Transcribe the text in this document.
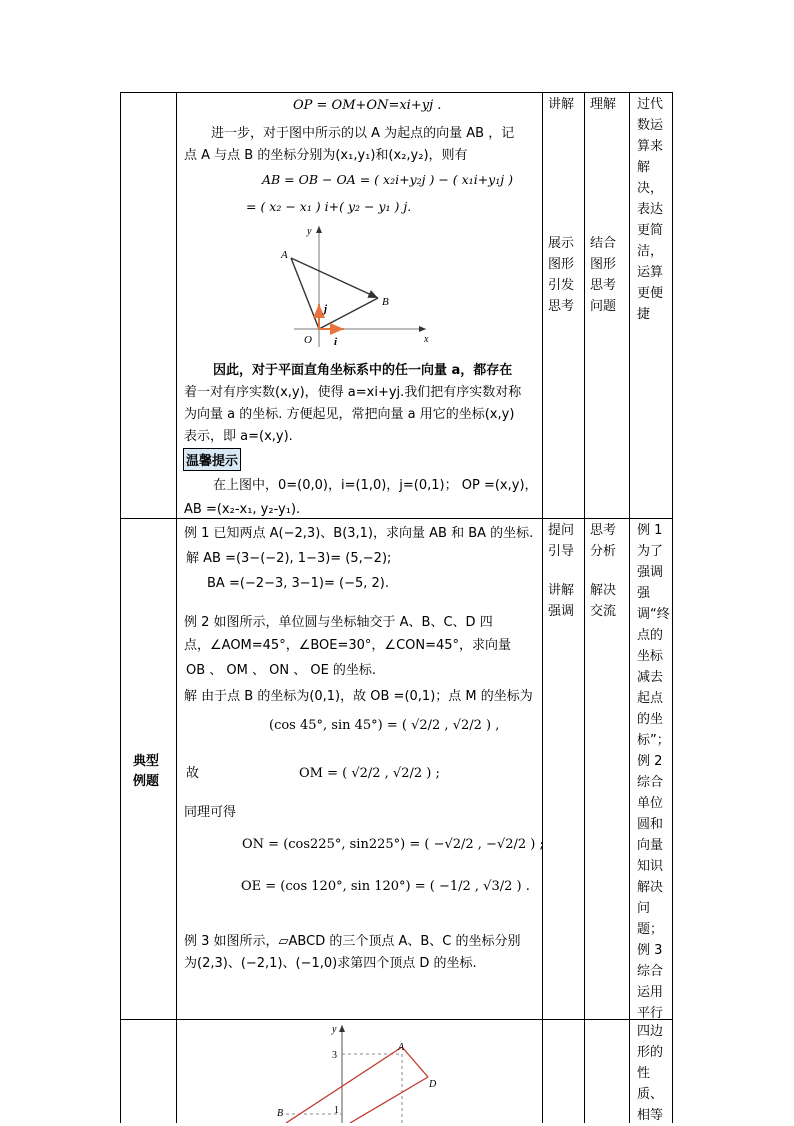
OP = OM+ON=xi+yj .
进一步，对于图中所示的以 A 为起点的向量 AB ，记
点 A 与点 B 的坐标分别为(x₁,y₁)和(x₂,y₂)，则有
AB = OB − OA = ( x₂i+y₂j ) − ( x₁i+y₁j )
= ( x₂ − x₁ ) i+( y₂ − y₁ ) j.
y
x
O
A
B
i
j
因此，对于平面直角坐标系中的任一向量 a，都存在
着一对有序实数(x,y)，使得 a=xi+yj.我们把有序实数对称
为向量 a 的坐标. 方便起见，常把向量 a 用它的坐标(x,y)
表示，即 a=(x,y).
温馨提示
在上图中，0=(0,0)，i=(1,0)，j=(0,1)； OP =(x,y)，
AB =(x₂-x₁, y₂-y₁).
讲解
展示图形引发思考
理解
结合图形思考问题
过代数运算来解决，表达更简洁，运算更便捷
典型例题
例 1 已知两点 A(−2,3)、B(3,1)，求向量 AB 和 BA 的坐标.
解 AB =(3−(−2), 1−3)= (5,−2);
BA =(−2−3, 3−1)= (−5, 2).
例 2 如图所示，单位圆与坐标轴交于 A、B、C、D 四
点，∠AOM=45°，∠BOE=30°，∠CON=45°，求向量
OB 、 OM 、 ON 、 OE 的坐标.
解 由于点 B 的坐标为(0,1)，故 OB =(0,1)；点 M 的坐标为
(cos 45°, sin 45°) = ( √2/2 , √2/2 ) ,
故	OM = ( √2/2 , √2/2 ) ;
同理可得
ON = (cos225°, sin225°) = ( −√2/2 , −√2/2 ) ;
OE = (cos 120°, sin 120°) = ( −1/2 , √3/2 ) .
例 3 如图所示，▱ABCD 的三个顶点 A、B、C 的坐标分别
为(2,3)、(−2,1)、(−1,0)求第四个顶点 D 的坐标.
提问引导
讲解强调
思考分析
解决交流
例 1 为了强调强调“终点的坐标减去起点的坐标”；例 2 综合单位圆和向量知识解决问题；例 3 综合运用平行
y
3
1
A
B
D
四边形的性质、相等
